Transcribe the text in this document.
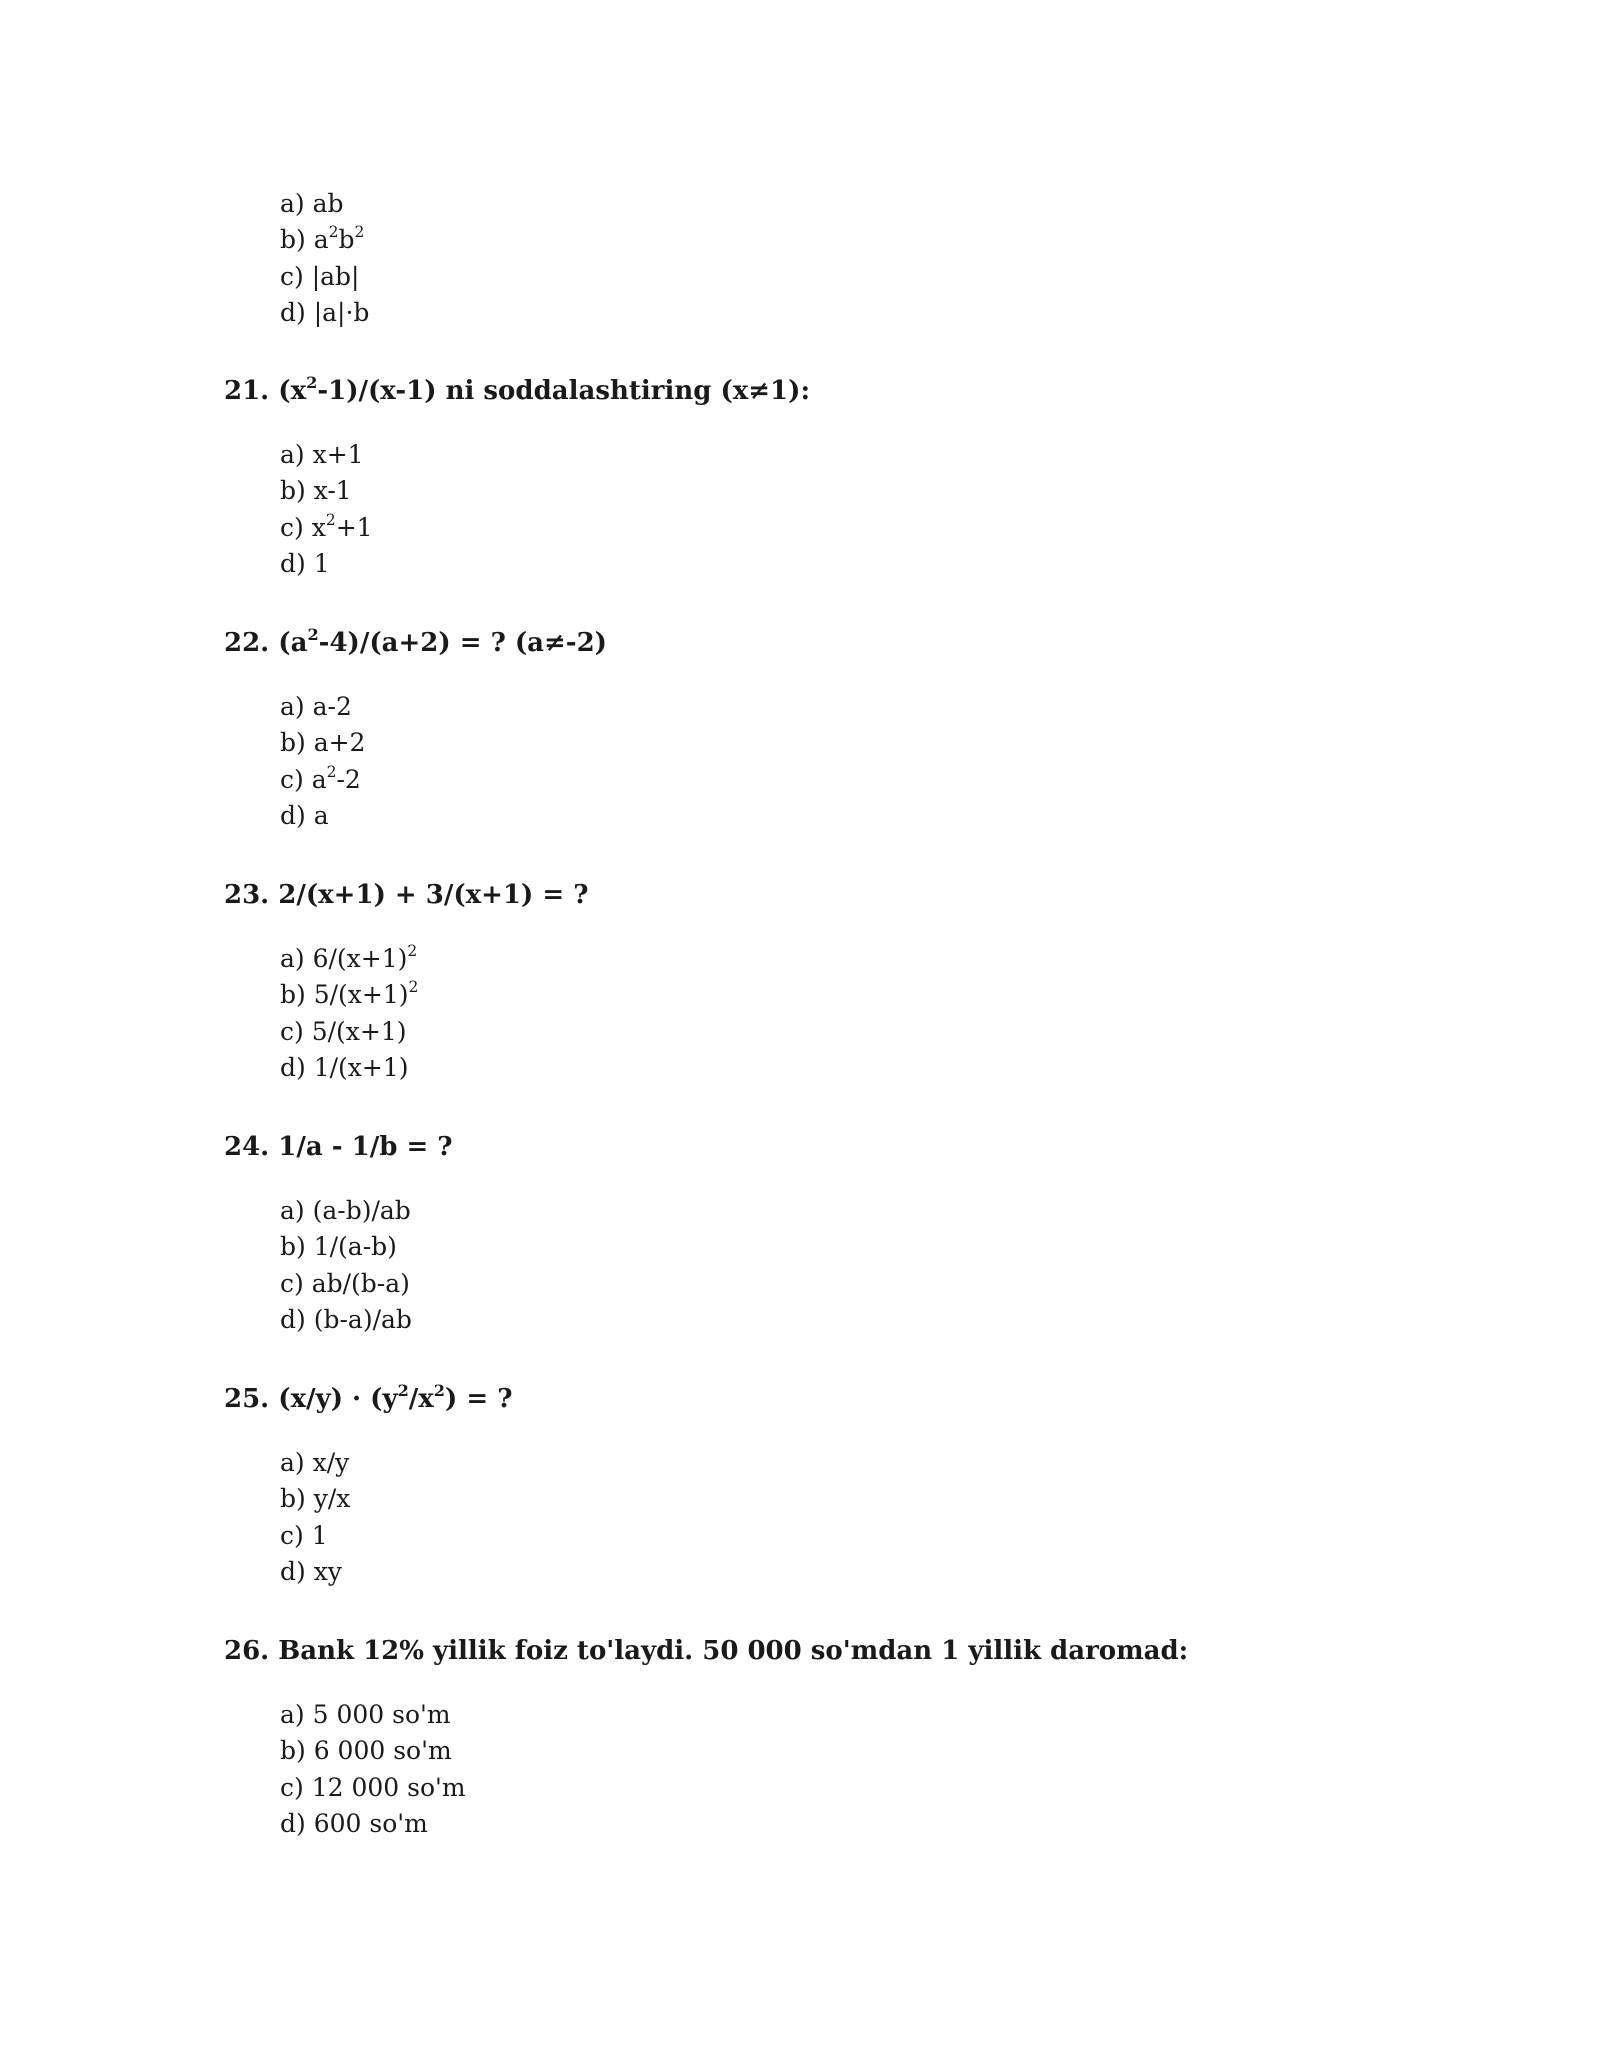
a) ab
b) $a^2b^2$
c) |ab|
d) |a|·b
21. $(x^2-1)/(x-1)$ ni soddalashtiring (x≠1):
a) x+1
b) x-1
c) $x^2+1$
d) 1
22. $(a^2-4)/(a+2)$ = ? (a≠-2)
a) a-2
b) a+2
c) $a^2-2$
d) a
23. 2/(x+1) + 3/(x+1) = ?
a) $6/(x+1)^2$
b) $5/(x+1)^2$
c) 5/(x+1)
d) 1/(x+1)
24. 1/a - 1/b = ?
a) (a-b)/ab
b) 1/(a-b)
c) ab/(b-a)
d) (b-a)/ab
25. $(x/y) \cdot (y^2/x^2)$ = ?
a) x/y
b) y/x
c) 1
d) xy
26. Bank 12% yillik foiz to'laydi. 50 000 so'mdan 1 yillik daromad:
a) 5 000 so'm
b) 6 000 so'm
c) 12 000 so'm
d) 600 so'm
